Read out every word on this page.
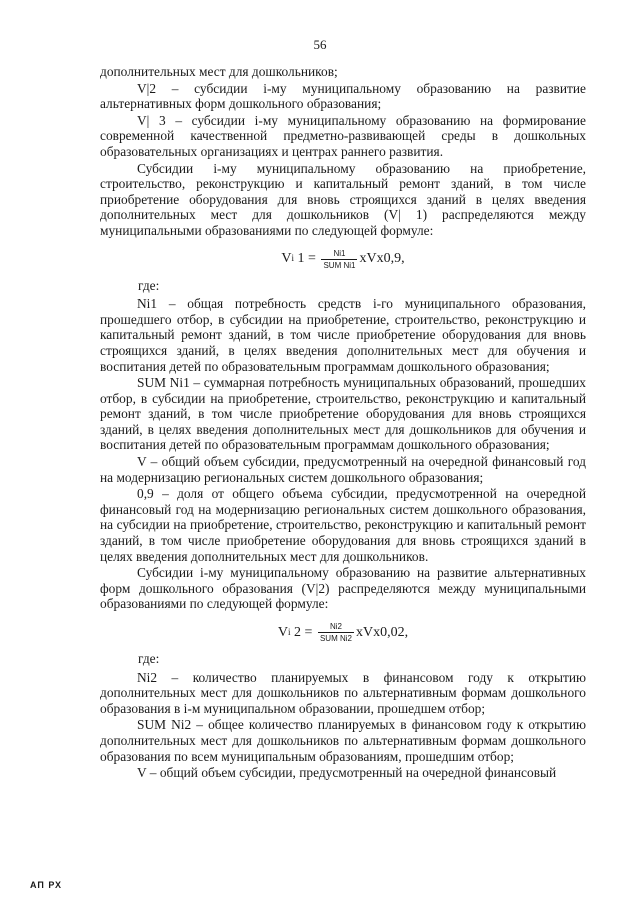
56

дополнительных мест для дошкольников;

V|2 – субсидии i-му муниципальному образованию на развитие альтернативных форм дошкольного образования;

V| 3 – субсидии i-му муниципальному образованию на формирование современной качественной предметно-развивающей среды в дошкольных образовательных организациях и центрах раннего развития.

Субсидии i-му муниципальному образованию на приобретение, строительство, реконструкцию и капитальный ремонт зданий, в том числе приобретение оборудования для вновь строящихся зданий в целях введения дополнительных мест для дошкольников (V| 1) распределяются между муниципальными образованиями по следующей формуле:

V i $1 = \frac{Ni1}{\text{SUM Ni1}} xVx0,9$,

где:

Ni1 – общая потребность средств i-го муниципального образования, прошедшего отбор, в субсидии на приобретение, строительство, реконструкцию и капитальный ремонт зданий, в том числе приобретение оборудования для вновь строящихся зданий, в целях введения дополнительных мест для обучения и воспитания детей по образовательным программам дошкольного образования;

SUM Ni1 – суммарная потребность муниципальных образований, прошедших отбор, в субсидии на приобретение, строительство, реконструкцию и капитальный ремонт зданий, в том числе приобретение оборудования для вновь строящихся зданий, в целях введения дополнительных мест для дошкольников для обучения и воспитания детей по образовательным программам дошкольного образования;

V – общий объем субсидии, предусмотренный на очередной финансовый год на модернизацию региональных систем дошкольного образования;

0,9 – доля от общего объема субсидии, предусмотренной на очередной финансовый год на модернизацию региональных систем дошкольного образования, на субсидии на приобретение, строительство, реконструкцию и капитальный ремонт зданий, в том числе приобретение оборудования для вновь строящихся зданий в целях введения дополнительных мест для дошкольников.

Субсидии i-му муниципальному образованию на развитие альтернативных форм дошкольного образования (V|2) распределяются между муниципальными образованиями по следующей формуле:

V i $2 = \frac{Ni2}{\text{SUM Ni2}} xVx0,02$,

где:

Ni2 – количество планируемых в финансовом году к открытию дополнительных мест для дошкольников по альтернативным формам дошкольного образования в i-м муниципальном образовании, прошедшем отбор;

SUM Ni2 – общее количество планируемых в финансовом году к открытию дополнительных мест для дошкольников по альтернативным формам дошкольного образования по всем муниципальным образованиям, прошедшим отбор;

V – общий объем субсидии, предусмотренный на очередной финансовый

АП РХ
